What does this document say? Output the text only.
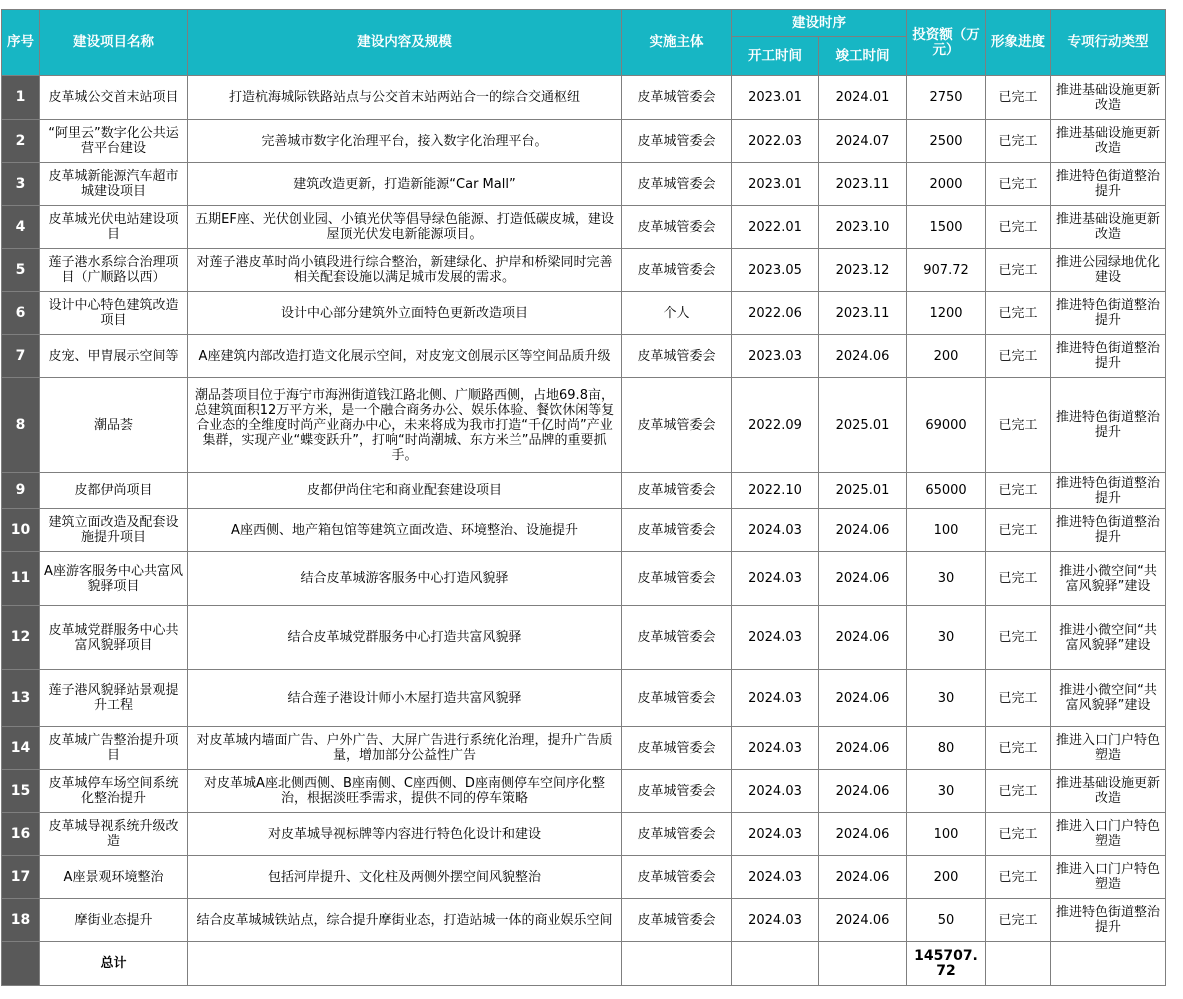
序号	建设项目名称	建设内容及规模	实施主体	建设时序		投资额（万元）	形象进度	专项行动类型
				开工时间	竣工时间			
1	皮革城公交首末站项目	打造杭海城际铁路站点与公交首末站两站合一的综合交通枢纽	皮革城管委会	2023.01	2024.01	2750	已完工	推进基础设施更新改造
2	“阿里云”数字化公共运营平台建设	完善城市数字化治理平台，接入数字化治理平台。	皮革城管委会	2022.03	2024.07	2500	已完工	推进基础设施更新改造
3	皮革城新能源汽车超市城建设项目	建筑改造更新，打造新能源“Car Mall”	皮革城管委会	2023.01	2023.11	2000	已完工	推进特色街道整治提升
4	皮革城光伏电站建设项目	五期EF座、光伏创业园、小镇光伏等倡导绿色能源、打造低碳皮城，建设屋顶光伏发电新能源项目。	皮革城管委会	2022.01	2023.10	1500	已完工	推进基础设施更新改造
5	莲子港水系综合治理项目（广顺路以西）	对莲子港皮革时尚小镇段进行综合整治，新建绿化、护岸和桥梁同时完善相关配套设施以满足城市发展的需求。	皮革城管委会	2023.05	2023.12	907.72	已完工	推进公园绿地优化建设
6	设计中心特色建筑改造项目	设计中心部分建筑外立面特色更新改造项目	个人	2022.06	2023.11	1200	已完工	推进特色街道整治提升
7	皮宠、甲胄展示空间等	A座建筑内部改造打造文化展示空间，对皮宠文创展示区等空间品质升级	皮革城管委会	2023.03	2024.06	200	已完工	推进特色街道整治提升
8	潮品荟	潮品荟项目位于海宁市海洲街道钱江路北侧、广顺路西侧，占地69.8亩，总建筑面积12万平方米，是一个融合商务办公、娱乐体验、餐饮休闲等复合业态的全维度时尚产业商办中心，未来将成为我市打造“千亿时尚”产业集群，实现产业“蝶变跃升”，打响“时尚潮城、东方米兰”品牌的重要抓手。	皮革城管委会	2022.09	2025.01	69000	已完工	推进特色街道整治提升
9	皮都伊尚项目	皮都伊尚住宅和商业配套建设项目	皮革城管委会	2022.10	2025.01	65000	已完工	推进特色街道整治提升
10	建筑立面改造及配套设施提升项目	A座西侧、地产箱包馆等建筑立面改造、环境整治、设施提升	皮革城管委会	2024.03	2024.06	100	已完工	推进特色街道整治提升
11	A座游客服务中心共富风貌驿项目	结合皮革城游客服务中心打造风貌驿	皮革城管委会	2024.03	2024.06	30	已完工	推进小微空间“共富风貌驿”建设
12	皮革城党群服务中心共富风貌驿项目	结合皮革城党群服务中心打造共富风貌驿	皮革城管委会	2024.03	2024.06	30	已完工	推进小微空间“共富风貌驿”建设
13	莲子港风貌驿站景观提升工程	结合莲子港设计师小木屋打造共富风貌驿	皮革城管委会	2024.03	2024.06	30	已完工	推进小微空间“共富风貌驿”建设
14	皮革城广告整治提升项目	对皮革城内墙面广告、户外广告、大屏广告进行系统化治理，提升广告质量，增加部分公益性广告	皮革城管委会	2024.03	2024.06	80	已完工	推进入口门户特色塑造
15	皮革城停车场空间系统化整治提升	对皮革城A座北侧西侧、B座南侧、C座西侧、D座南侧停车空间序化整治，根据淡旺季需求，提供不同的停车策略	皮革城管委会	2024.03	2024.06	30	已完工	推进基础设施更新改造
16	皮革城导视系统升级改造	对皮革城导视标牌等内容进行特色化设计和建设	皮革城管委会	2024.03	2024.06	100	已完工	推进入口门户特色塑造
17	A座景观环境整治	包括河岸提升、文化柱及两侧外摆空间风貌整治	皮革城管委会	2024.03	2024.06	200	已完工	推进入口门户特色塑造
18	摩街业态提升	结合皮革城城铁站点，综合提升摩街业态，打造站城一体的商业娱乐空间	皮革城管委会	2024.03	2024.06	50	已完工	推进特色街道整治提升
	总计					145707.72		
